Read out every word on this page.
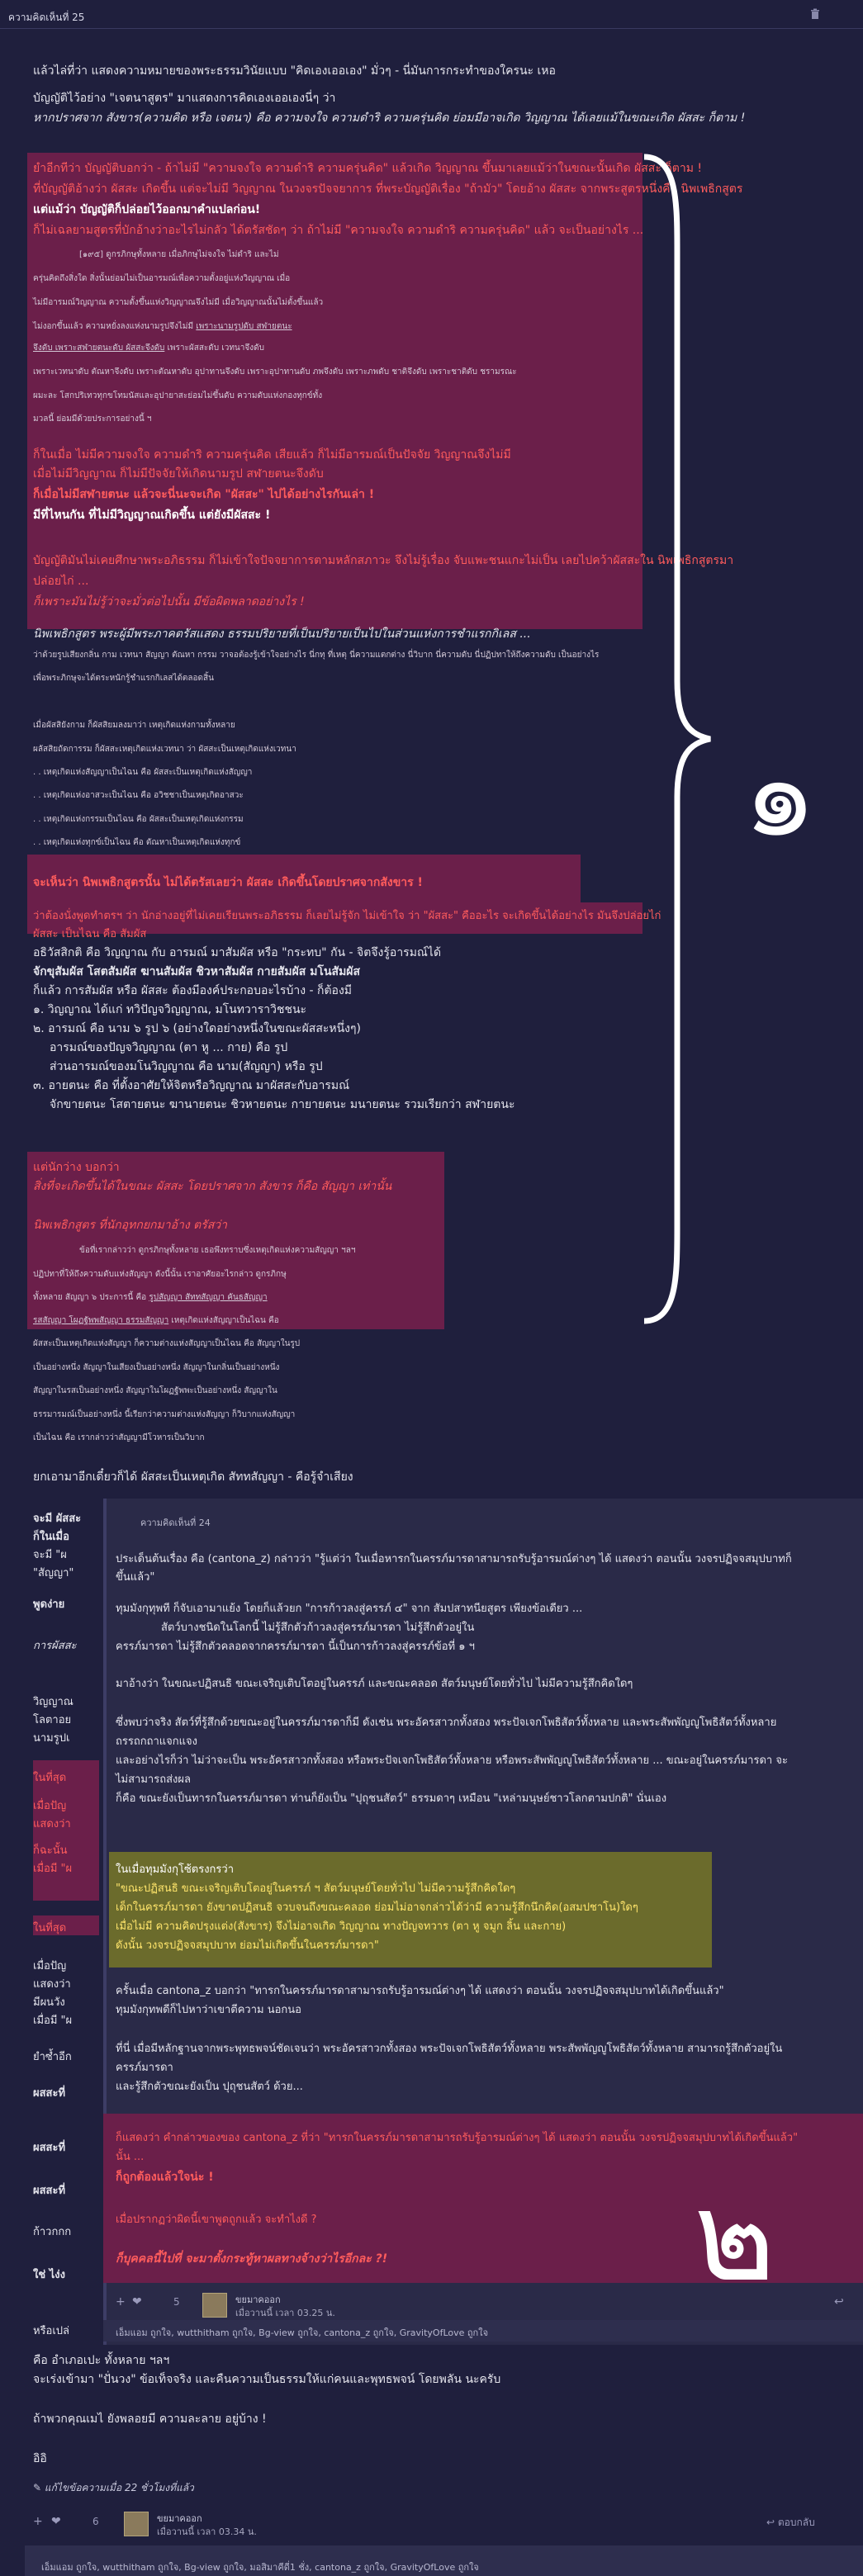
ความคิดเห็นที่ 25
แล้วไล่ที่ว่า แสดงความหมายของพระธรรมวินัยแบบ "คิดเองเออเอง" มั่วๆ - นี่มันการกระทำของใครนะ เหอ
บัญญัติไว้อย่าง "เจตนาสูตร" มาแสดงการคิดเองเออเองนี่ๆ ว่า
หากปราศจาก สังขาร(ความคิด หรือ เจตนา) คือ ความจงใจ ความดำริ ความครุ่นคิด ย่อมมีอาจเกิด วิญญาณ ได้เลยแม้ในขณะเกิด ผัสสะ ก็ตาม !
ยำอีกทีว่า บัญญัติบอกว่า - ถ้าไม่มี "ความจงใจ ความดำริ ความครุ่นคิด" แล้วเกิด วิญญาณ ขึ้นมาเลยแม้ว่าในขณะนั้นเกิด ผัสสะ ก็ตาม !
ที่บัญญัติอ้างว่า ผัสสะ เกิดขึ้น แต่จะไม่มี วิญญาณ ในวงจรปัจจยาการ ที่พระบัญญัติเรื่อง "ถ้ามัว" โดยอ้าง ผัสสะ จากพระสูตรหนึ่งคือ นิพเพธิกสูตร
แต่แม้ว่า บัญญัติก็ปล่อยไว้ออกมาคำแปลก่อน!
ก็ไม่เฉลยามสูตรที่บักอ้างว่าอะไรไม่กลัว ได้ตรัสชัดๆ ว่า ถ้าไม่มี "ความจงใจ ความดำริ ความครุ่นคิด" แล้ว จะเป็นอย่างไร ...
[๑๙๕] ดูกรภิกษุทั้งหลาย เมื่อภิกษุไม่จงใจ ไม่ดำริ และไม่
ครุ่นคิดถึงสิ่งใด สิ่งนั้นย่อมไม่เป็นอารมณ์เพื่อความตั้งอยู่แห่งวิญญาณ เมื่อ
ไม่มีอารมณ์วิญญาณ ความตั้งขึ้นแห่งวิญญาณจึงไม่มี เมื่อวิญญาณนั้นไม่ตั้งขึ้นแล้ว
ไม่งอกขึ้นแล้ว ความหยั่งลงแห่งนามรูปจึงไม่มี เพราะนามรูปดับ สฬายตนะ
จึงดับ เพราะสฬายตนะดับ ผัสสะจึงดับ เพราะผัสสะดับ เวทนาจึงดับ
เพราะเวทนาดับ ตัณหาจึงดับ เพราะตัณหาดับ อุปาทานจึงดับ เพราะอุปาทานดับ ภพจึงดับ เพราะภพดับ ชาติจึงดับ เพราะชาติดับ ชรามรณะ
ผมะละ โสกปริเทวทุกขโทมนัสและอุปายาสะย่อมไม่ขึ้นดับ ความดับแห่งกองทุกข์ทั้ง
มวลนี้ ย่อมมีด้วยประการอย่างนี้ ฯ
ก็ในเมื่อ ไม่มีความจงใจ ความดำริ ความครุ่นคิด เสียแล้ว ก็ไม่มีอารมณ์เป็นปัจจัย วิญญาณจึงไม่มี
เมื่อไม่มีวิญญาณ ก็ไม่มีปัจจัยให้เกิดนามรูป สฬายตนะจึงดับ
ก็เมื่อไม่มีสฬายตนะ แล้วจะนี่นะจะเกิด "ผัสสะ" ไปได้อย่างไรกันเล่า !
มีที่ไหนกัน ที่ไม่มีวิญญาณเกิดขึ้น แต่ยังมีผัสสะ !
บัญญัติมันไม่เคยศึกษาพระอภิธรรม ก็ไม่เข้าใจปัจจยาการตามหลักสภาวะ จึงไม่รู้เรื่อง จับแพะชนแกะไม่เป็น เลยไปคว้าผัสสะใน นิพเพธิกสูตรมา
ปล่อยไก่ ...
ก็เพราะมันไม่รู้ว่าจะมั่วต่อไปนั้น มีข้อผิดพลาดอย่างไร !
นิพเพธิกสูตร พระผู้มีพระภาคตรัสแสดง ธรรมปริยายที่เป็นปริยายเป็นไปในส่วนแห่งการชำแรกกิเลส ...
ว่าด้วยรูปเสียงกลิ่น กาม เวทนา สัญญา ตัณหา กรรม วาจอต้องรู้เข้าใจอย่างไร นี่กทุ ที่เหตุ นี่ความแตกต่าง นี่วิบาก นี่ความดับ นี่ปฏิปทาให้ถึงความดับ เป็นอย่างไร
เพื่อพระภิกษุจะได้ตระหนักรู้ชำแรกกิเลสได้ตลอดสิ้น
เมื่อผัสสิยังกาม ก็ผัสสิยมลงมาว่า เหตุเกิดแห่งกามทั้งหลาย
ผลัสสิยถัดการรม ก็ผัสสะเหตุเกิดแห่งเวทนา ว่า ผัสสะเป็นเหตุเกิดแห่งเวทนา
. . เหตุเกิดแห่งสัญญาเป็นไฉน คือ ผัสสะเป็นเหตุเกิดแห่งสัญญา
. . เหตุเกิดแห่งอาสวะเป็นไฉน คือ อวิชชาเป็นเหตุเกิดอาสวะ
. . เหตุเกิดแห่งกรรมเป็นไฉน คือ ผัสสะเป็นเหตุเกิดแห่งกรรม
. . เหตุเกิดแห่งทุกข์เป็นไฉน คือ ตัณหาเป็นเหตุเกิดแห่งทุกข์
จะเห็นว่า นิพเพธิกสูตรนั้น ไม่ได้ตรัสเลยว่า ผัสสะ เกิดขึ้นโดยปราศจากสังขาร !
ว่าต้องนั่งพูดทำตรฯ ว่า นักอ่างอยู่ที่ไม่เคยเรียนพระอภิธรรม ก็เลยไม่รู้จัก ไม่เข้าใจ ว่า "ผัสสะ" คืออะไร จะเกิดขึ้นได้อย่างไร มันจึงปล่อยไก่
ผัสสะ เป็นไฉน คือ สัมผัส
อธิวัสสิกติ คือ วิญญาณ กับ อารมณ์ มาสัมผัส หรือ "กระทบ" กัน - จิตจึงรู้อารมณ์ได้
จักขุสัมผัส โสตสัมผัส ฆานสัมผัส ชิวหาสัมผัส กายสัมผัส มโนสัมผัส
ก็แล้ว การสัมผัส หรือ ผัสสะ ต้องมีองค์ประกอบอะไรบ้าง - ก็ต้องมี
๑. วิญญาณ ได้แก่ ทวิปัญจวิญญาณ, มโนทวาราวิชชนะ
๒. อารมณ์ คือ นาม ๖ รูป ๖ (อย่างใดอย่างหนึ่งในขณะผัสสะหนึ่งๆ)
อารมณ์ของปัญจวิญญาณ (ตา หู ... กาย) คือ รูป
ส่วนอารมณ์ของมโนวิญญาณ คือ นาม(สัญญา) หรือ รูป
๓. อายตนะ คือ ที่ตั้งอาศัยให้จิตหรือวิญญาณ มาผัสสะกับอารมณ์
จักขายตนะ โสตายตนะ ฆานายตนะ ชิวหายตนะ กายายตนะ มนายตนะ รวมเรียกว่า สฬายตนะ
แต่นักว่าง บอกว่า
สิ่งที่จะเกิดขึ้นได้ในขณะ ผัสสะ โดยปราศจาก สังขาร ก็คือ สัญญา เท่านั้น
นิพเพธิกสูตร ที่นักอุทกยกมาอ้าง ตรัสว่า
ข้อที่เรากล่าวว่า ดูกรภิกษุทั้งหลาย เธอพึงทราบซึ่งเหตุเกิดแห่งความสัญญา ฯลฯ
ปฏิปทาที่ให้ถึงความดับแห่งสัญญา ดังนี้นั้น เราอาศัยอะไรกล่าว ดูกรภิกษุ
ทั้งหลาย สัญญา ๖ ประการนี้ คือ รูปสัญญา สัททสัญญา คันธสัญญา
รสสัญญา โผฏฐัพพสัญญา ธรรมสัญญา เหตุเกิดแห่งสัญญาเป็นไฉน คือ
ผัสสะเป็นเหตุเกิดแห่งสัญญา ก็ความต่างแห่งสัญญาเป็นไฉน คือ สัญญาในรูป
เป็นอย่างหนึ่ง สัญญาในเสียงเป็นอย่างหนึ่ง สัญญาในกลิ่นเป็นอย่างหนึ่ง
สัญญาในรสเป็นอย่างหนึ่ง สัญญาในโผฏฐัพพะเป็นอย่างหนึ่ง สัญญาใน
ธรรมารมณ์เป็นอย่างหนึ่ง นี้เรียกว่าความต่างแห่งสัญญา ก็วิบากแห่งสัญญา
เป็นไฉน คือ เรากล่าวว่าสัญญามีโวหารเป็นวิบาก
ยกเอามาอีกเดี๋ยวก็ได้ ผัสสะเป็นเหตุเกิด สัททสัญญา - คือรู้จำเสียง
๑
จะมี ผัสสะ
ก็ในเมื่อ
จะมี "ผ
"สัญญา"
พูดง่าย
การผัสสะ
วิญญาณ
โลตาอย
นามรูปเ
ในที่สุด
เมื่อปัญ
แสดงว่า
ก็ฉะนั้น
เมื่อมี "ผ
ในที่สุด
เมื่อปัญ
แสดงว่า
มีผนวัง
เมื่อมี "ผ
ยำซ้ำอีก
ผสสะที่
ผสสะที่
ผสสะที่
ก้าวกกก
ใช่ ไง่ง
หรือเปล่
ความคิดเห็นที่ 24
ประเด็นต้นเรื่อง คือ (cantona_z) กล่าวว่า "รู้แต่ว่า ในเมื่อหารกในครรภ์มารดาสามารถรับรู้อารมณ์ต่างๆ ได้ แสดงว่า ตอนนั้น วงจรปฏิจจสมุปบาทก็
ขึ้นแล้ว"
ทุมมังกุทุพที ก็จับเอามาแย้ง โดยก็แล้วยก "การก้าวลงสู่ครรภ์ ๔" จาก สัมปสาทนียสูตร เพียงข้อเดียว ...
สัตว์บางชนิดในโลกนี้ ไม่รู้สึกตัวก้าวลงสู่ครรภ์มารดา ไม่รู้สึกตัวอยู่ใน
ครรภ์มารดา ไม่รู้สึกตัวคลอดจากครรภ์มารดา นี้เป็นการก้าวลงสู่ครรภ์ข้อที่ ๑ ฯ
มาอ้างว่า ในขณะปฏิสนธิ ขณะเจริญเติบโตอยู่ในครรภ์ และขณะคลอด สัตว์มนุษย์โดยทั่วไป ไม่มีความรู้สึกคิดใดๆ
ซึ่งพบว่าจริง สัตว์ที่รู้สึกด้วยขณะอยู่ในครรภ์มารดาก็มี ดังเช่น พระอัครสาวกทั้งสอง พระปัจเจกโพธิสัตว์ทั้งหลาย และพระสัพพัญญูโพธิสัตว์ทั้งหลาย
ถรรถกถาแจกแจง
และอย่างไรก็ว่า ไม่ว่าจะเป็น พระอัครสาวกทั้งสอง หรือพระปัจเจกโพธิสัตว์ทั้งหลาย หรือพระสัพพัญญูโพธิสัตว์ทั้งหลาย ... ขณะอยู่ในครรภ์มารดา จะ
ไม่สามารถส่งผล
ก็คือ ขณะยังเป็นทารกในครรภ์มารดา ท่านก็ยังเป็น "ปุถุชนสัตว์" ธรรมดาๆ เหมือน "เหล่ามนุษย์ชาวโลกตามปกติ" นั่นเอง
ในเมื่อทุมมังกุโซ้ตรงกรว่า
"ขณะปฏิสนธิ ขณะเจริญเติบโตอยู่ในครรภ์ ฯ สัตว์มนุษย์โดยทั่วไป ไม่มีความรู้สึกคิดใดๆ
เด็กในครรภ์มารดา ยังขาดปฏิสนธิ จวบจนถึงขณะคลอด ย่อมไม่อาจกล่าวได้ว่ามี ความรู้สึกนึกคิด(อสมปชาโน)ใดๆ
เมื่อไม่มี ความคิดปรุงแต่ง(สังขาร) จึงไม่อาจเกิด วิญญาณ ทางปัญจทวาร (ตา หู จมูก ลิ้น และกาย)
ดังนั้น วงจรปฏิจจสมุปบาท ย่อมไม่เกิดขึ้นในครรภ์มารดา"
ครั้นเมื่อ cantona_z บอกว่า "ทารกในครรภ์มารดาสามารถรับรู้อารมณ์ต่างๆ ได้ แสดงว่า ตอนนั้น วงจรปฏิจจสมุปบาทได้เกิดขึ้นแล้ว"
ทุมมังกุทพดีก็ไปหาว่าเขาตีความ นอกนอ
ที่นี่ เมื่อมีหลักฐานจากพระพุทธพจน์ชัดเจนว่า พระอัครสาวกทั้งสอง พระปัจเจกโพธิสัตว์ทั้งหลาย พระสัพพัญญูโพธิสัตว์ทั้งหลาย สามารถรู้สึกตัวอยู่ใน
ครรภ์มารดา
และรู้สึกตัวขณะยังเป็น ปุถุชนสัตว์ ด้วย...
ก็แสดงว่า คำกล่าวของของ cantona_z ที่ว่า "ทารกในครรภ์มารดาสามารถรับรู้อารมณ์ต่างๆ ได้ แสดงว่า ตอนนั้น วงจรปฏิจจสมุปบาทได้เกิดขึ้นแล้ว"
นั้น ...
ก็ถูกต้องแล้วใจน่ะ !
เมื่อปรากฏว่าผิดนี้เขาพูดถูกแล้ว จะทำไงดี ?
ก็บุคคลนี้ไปที่ จะมาตั้งกระทู้หาผลทางจ้างว่าไรอีกละ ?!
+ ❤	5	ขยมาคออก
เมื่อวานนี้ เวลา 03.25 น.
↩
เอ็มแอม ถูกใจ, wutthitham ถูกใจ, Bg-view ถูกใจ, cantona_z ถูกใจ, GravityOfLove ถูกใจ
๒
คือ อำเภอเปะ ทั้งหลาย ฯลฯ
จะเร่งเข้ามา "ปั่นวง" ข้อเท็จจริง และคืนความเป็นธรรมให้แก่คนและพุทธพจน์ โดยพลัน นะครับ
ถ้าพวกคุณเมไ ยังพลอยมี ความละลาย อยู่บ้าง !
อิอิ
✎ แก้ไขข้อความเมื่อ 22 ชั่วโมงที่แล้ว
+ ❤	6	ขยมาคออก
เมื่อวานนี้ เวลา 03.34 น.
↩ ตอบกลับ
เอ็มแอม ถูกใจ, wutthitham ถูกใจ, Bg-view ถูกใจ, มอสิมาคีดี่1 ชั่ง, cantona_z ถูกใจ, GravityOfLove ถูกใจ
